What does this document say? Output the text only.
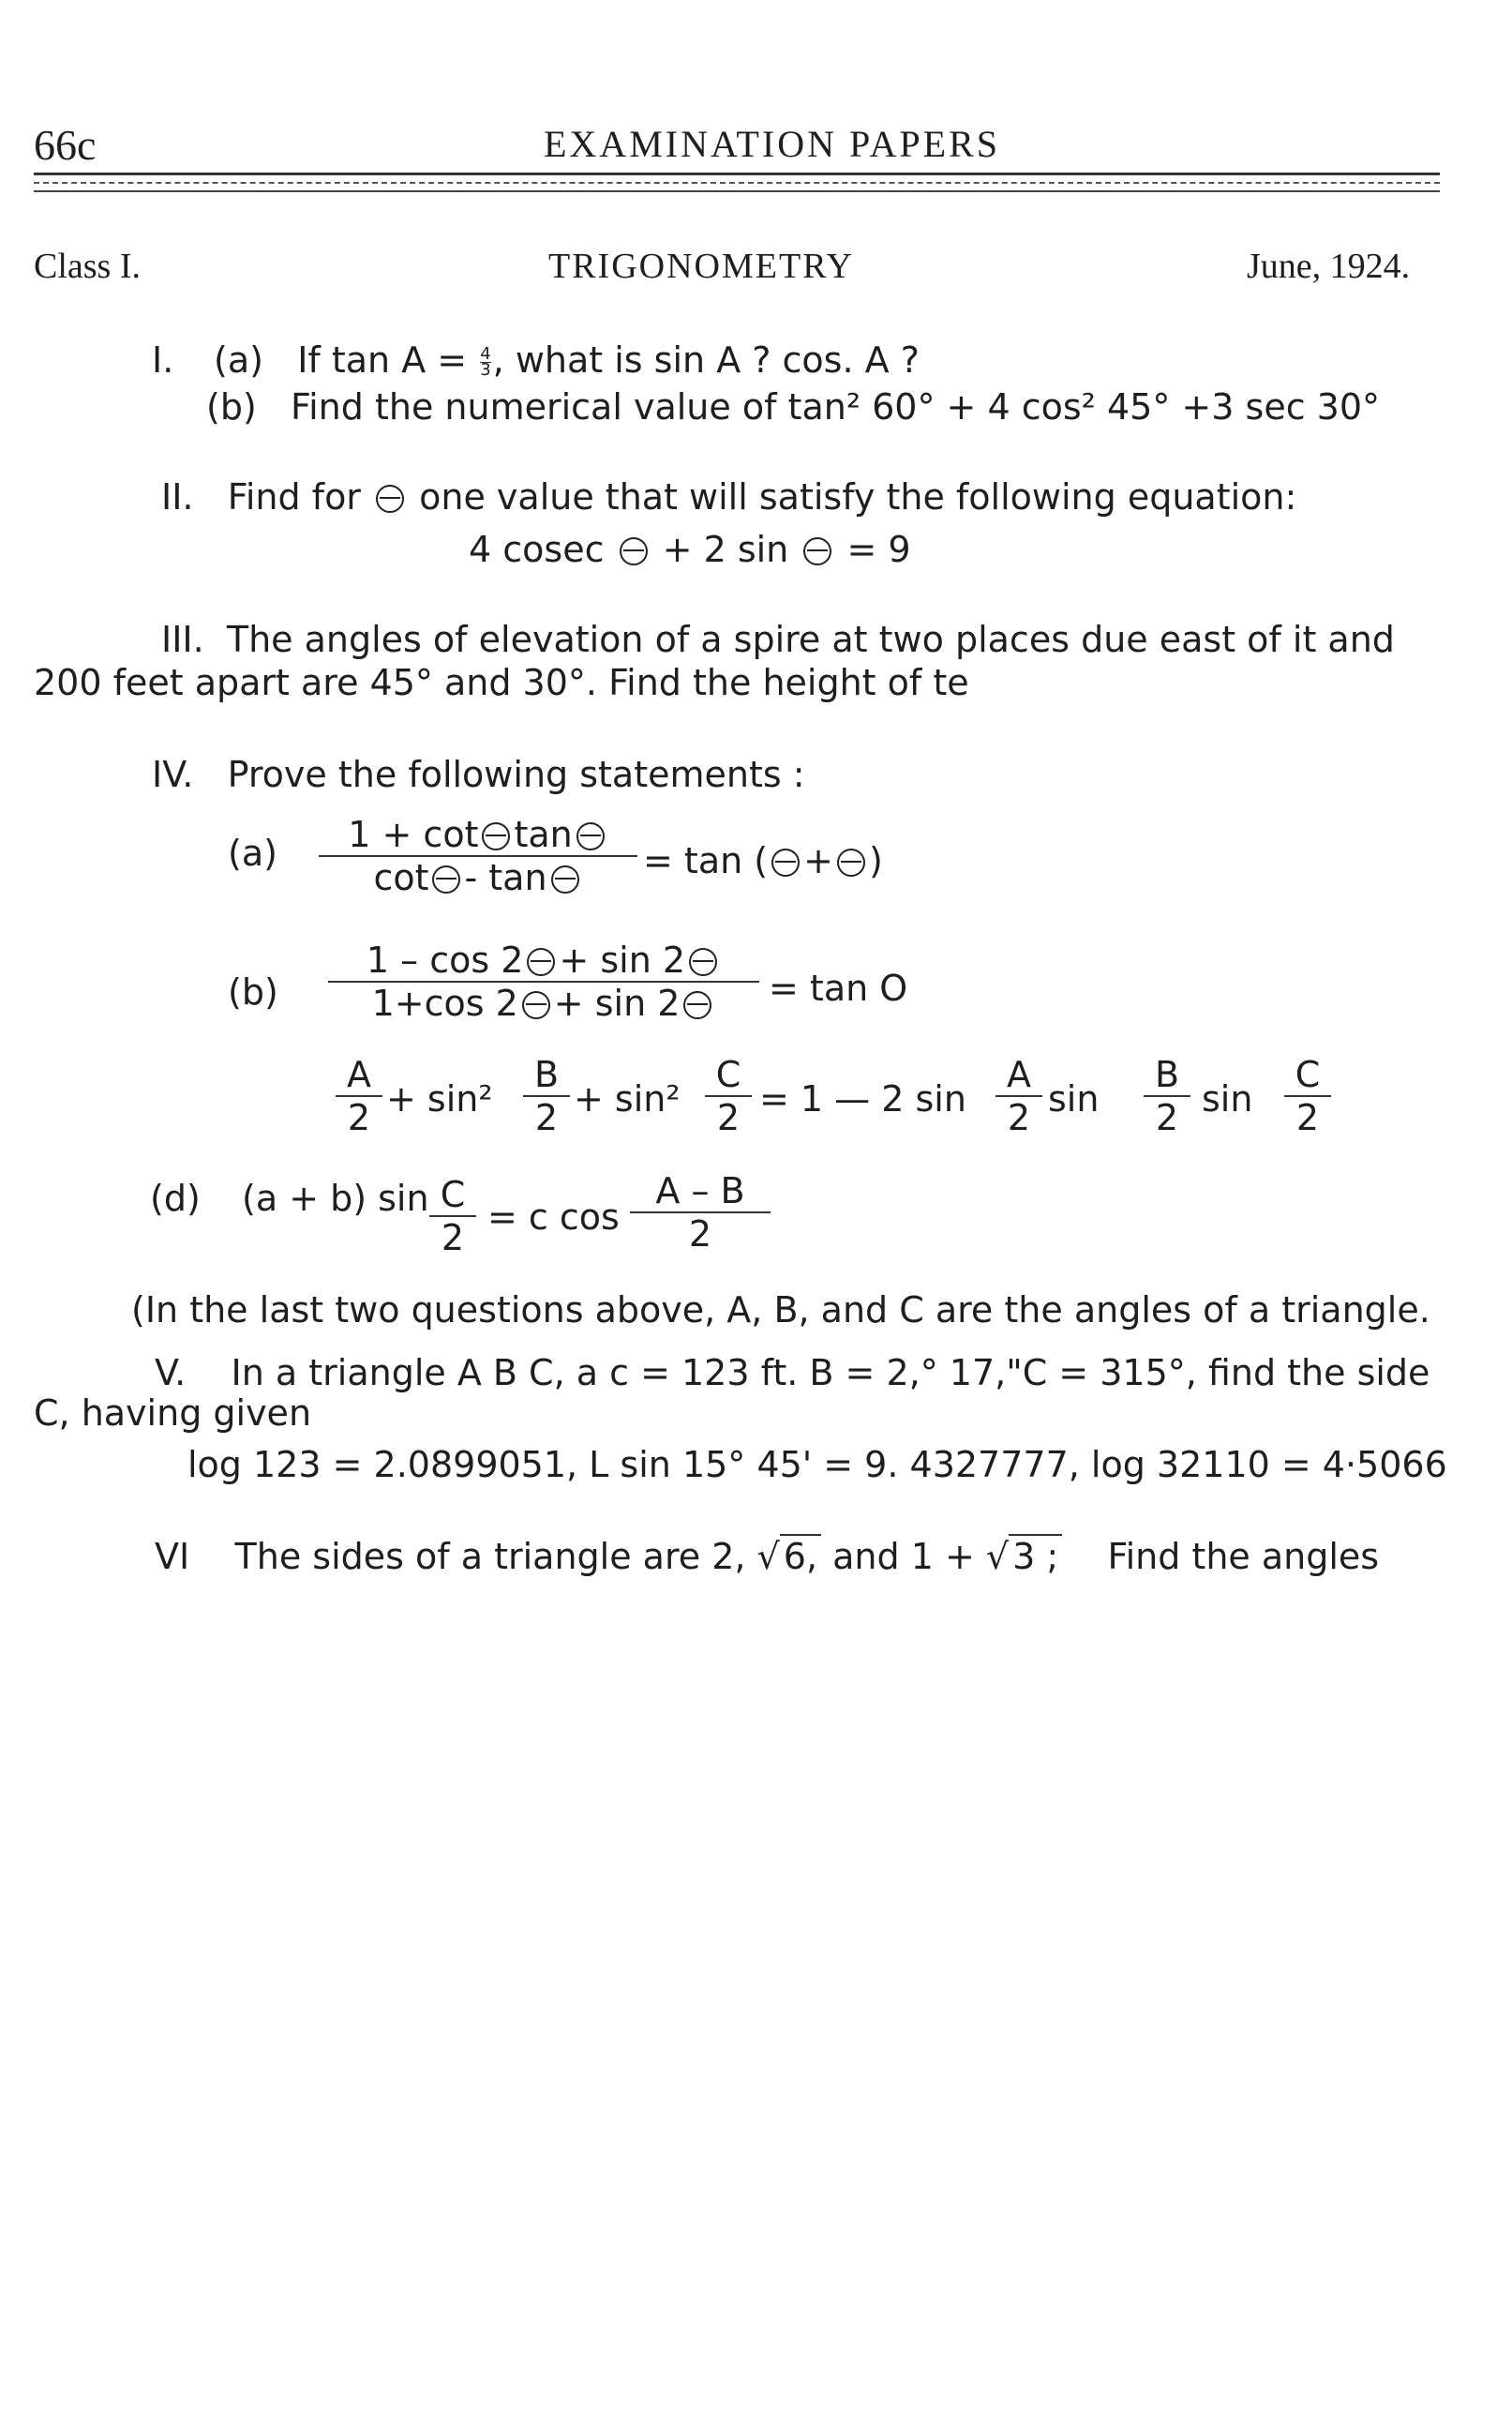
66c	EXAMINATION PAPERS
Class I.	TRIGONOMETRY	June, 1924.
I. (a) If $\tan A = \frac{4}{3}$ , what is sin A ? cos. A ?
(b) Find the numerical value of tan² 60° + 4 cos² 45° +3 sec 30°
II. Find for one value that will satisfy the following equation:
4 cosec + 2 sin = 9
III. The angles of elevation of a spire at two places due east of it and
200 feet apart are 45° and 30°. Find the height of te
IV. Prove the following statements :
(a)	1 + cot tan
cot - tan	= tan ( + )
(b)
1 – cos 2 + sin 2
1+cos 2 + sin 2	= tan O
A
2 + sin²
B
2 + sin²
C
2 = 1 — 2 sin
A
2 sin
B
2 sin
C
2
(d) (a + b) sin C
2 = c cos
A – B
2
(In the last two questions above, A, B, and C are the angles of a triangle.
V. In a triangle A B C, a c = 123 ft. B = 2,° 17,"C = 315°, find the side
C, having given
log 123 = 2.0899051, L sin 15° 45' = 9. 4327777, log 32110 = 4·5066
VI The sides of a triangle are 2, √ 6, and 1 + √ 3 ; Find the angles
